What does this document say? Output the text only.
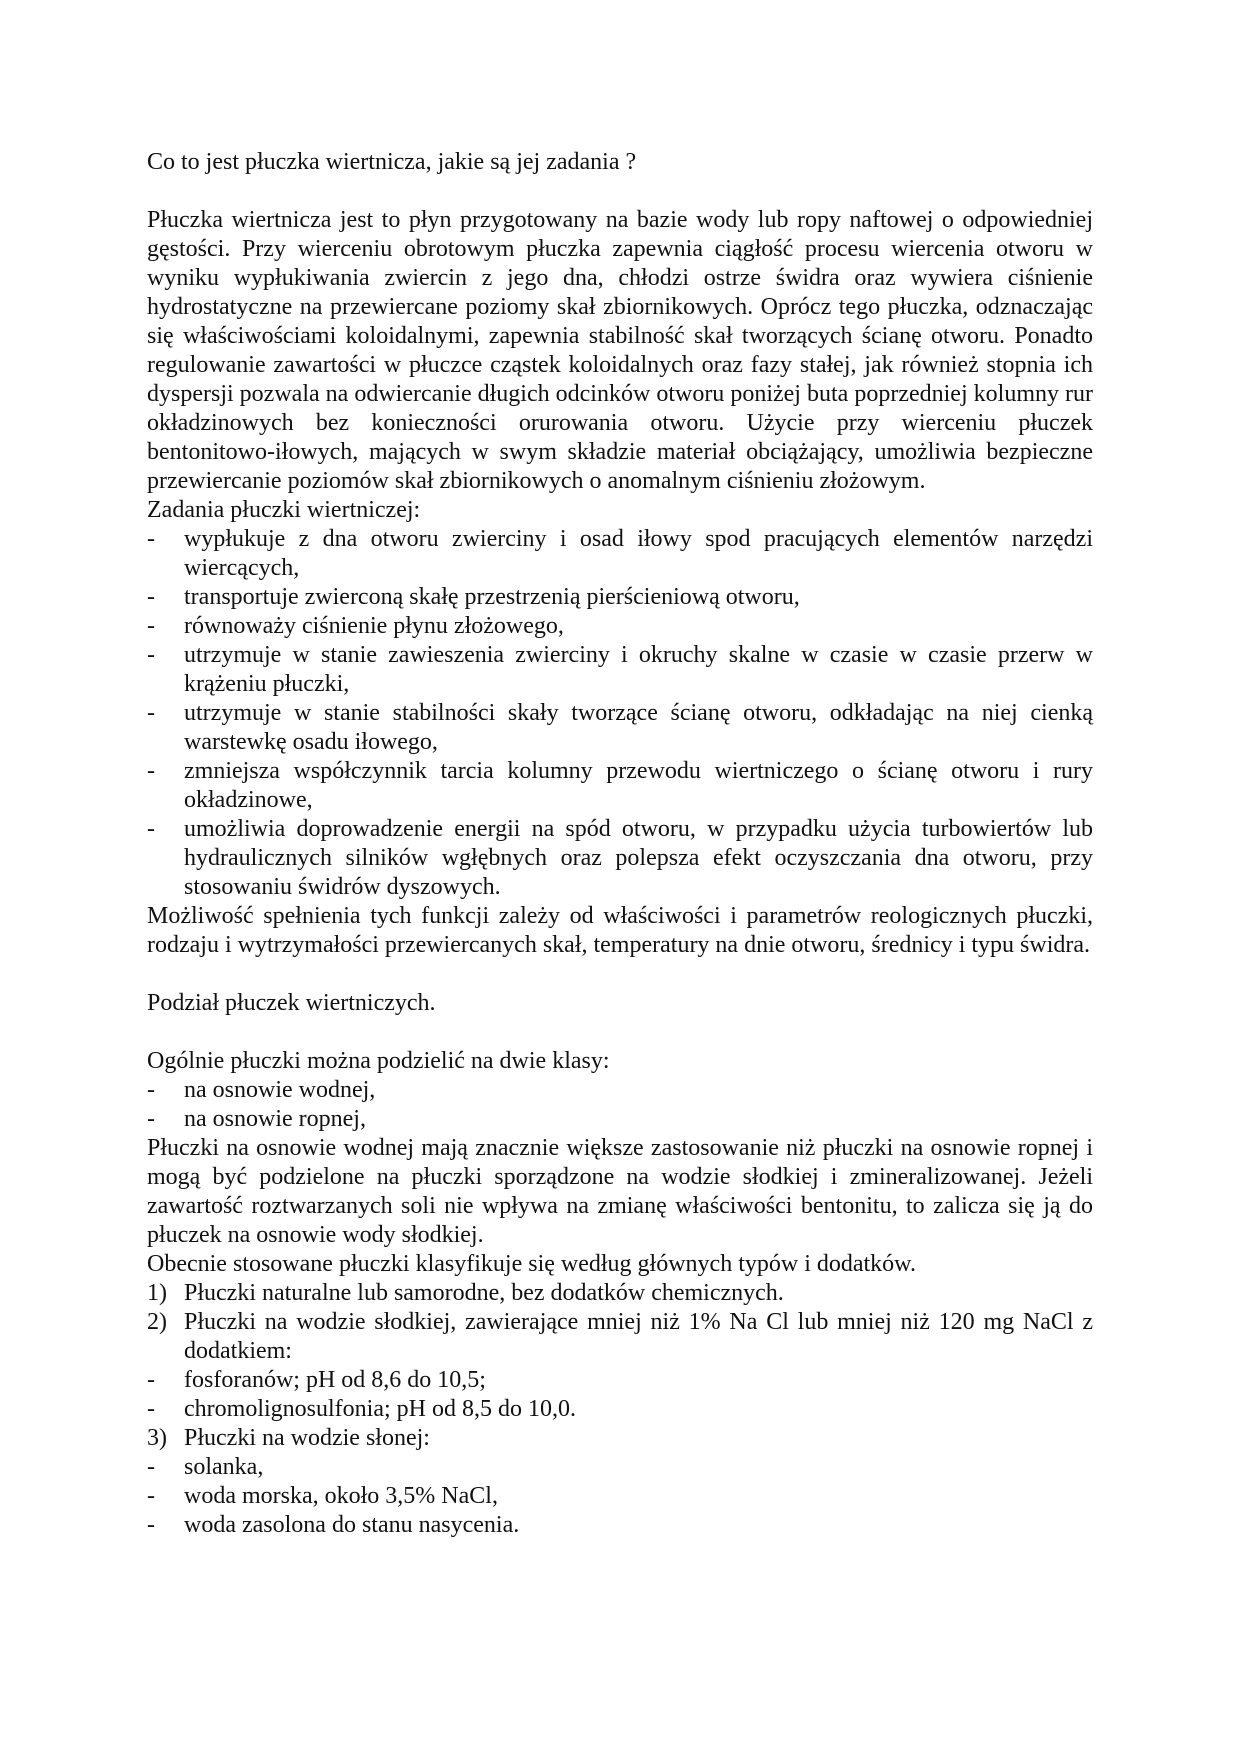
Co to jest płuczka wiertnicza, jakie są jej zadania ?

Płuczka wiertnicza jest to płyn przygotowany na bazie wody lub ropy naftowej o odpowiedniej gęstości. Przy wierceniu obrotowym płuczka zapewnia ciągłość procesu wiercenia otworu w wyniku wypłukiwania zwiercin z jego dna, chłodzi ostrze świdra oraz wywiera ciśnienie hydrostatyczne na przewiercane poziomy skał zbiornikowych. Oprócz tego płuczka, odznaczając się właściwościami koloidalnymi, zapewnia stabilność skał tworzących ścianę otworu. Ponadto regulowanie zawartości w płuczce cząstek koloidalnych oraz fazy stałej, jak również stopnia ich dyspersji pozwala na odwiercanie długich odcinków otworu poniżej buta poprzedniej kolumny rur okładzinowych bez konieczności orurowania otworu. Użycie przy wierceniu płuczek bentonitowo-iłowych, mających w swym składzie materiał obciążający, umożliwia bezpieczne przewiercanie poziomów skał zbiornikowych o anomalnym ciśnieniu złożowym.

Zadania płuczki wiertniczej:

-	wypłukuje z dna otworu zwierciny i osad iłowy spod pracujących elementów narzędzi wiercących,
-	transportuje zwierconą skałę przestrzenią pierścieniową otworu,
-	równoważy ciśnienie płynu złożowego,
-	utrzymuje w stanie zawieszenia zwierciny i okruchy skalne w czasie w czasie przerw w krążeniu płuczki,
-	utrzymuje w stanie stabilności skały tworzące ścianę otworu, odkładając na niej cienką warstewkę osadu iłowego,
-	zmniejsza współczynnik tarcia kolumny przewodu wiertniczego o ścianę otworu i rury okładzinowe,
-	umożliwia doprowadzenie energii na spód otworu, w przypadku użycia turbowiertów lub hydraulicznych silników wgłębnych oraz polepsza efekt oczyszczania dna otworu, przy stosowaniu świdrów dyszowych.

Możliwość spełnienia tych funkcji zależy od właściwości i parametrów reologicznych płuczki, rodzaju i wytrzymałości przewiercanych skał, temperatury na dnie otworu, średnicy i typu świdra.

Podział płuczek wiertniczych.

Ogólnie płuczki można podzielić na dwie klasy:

-	na osnowie wodnej,
-	na osnowie ropnej,

Płuczki na osnowie wodnej mają znacznie większe zastosowanie niż płuczki na osnowie ropnej i mogą być podzielone na płuczki sporządzone na wodzie słodkiej i zmineralizowanej. Jeżeli zawartość roztwarzanych soli nie wpływa na zmianę właściwości bentonitu, to zalicza się ją do płuczek na osnowie wody słodkiej.

Obecnie stosowane płuczki klasyfikuje się według głównych typów i dodatków.

1) Płuczki naturalne lub samorodne, bez dodatków chemicznych.
2) Płuczki na wodzie słodkiej, zawierające mniej niż 1% Na Cl lub mniej niż 120 mg NaCl z dodatkiem:
-	fosforanów; pH od 8,6 do 10,5;
-	chromolignosulfonia; pH od 8,5 do 10,0.
3) Płuczki na wodzie słonej:
-	solanka,
-	woda morska, około 3,5% NaCl,
-	woda zasolona do stanu nasycenia.
